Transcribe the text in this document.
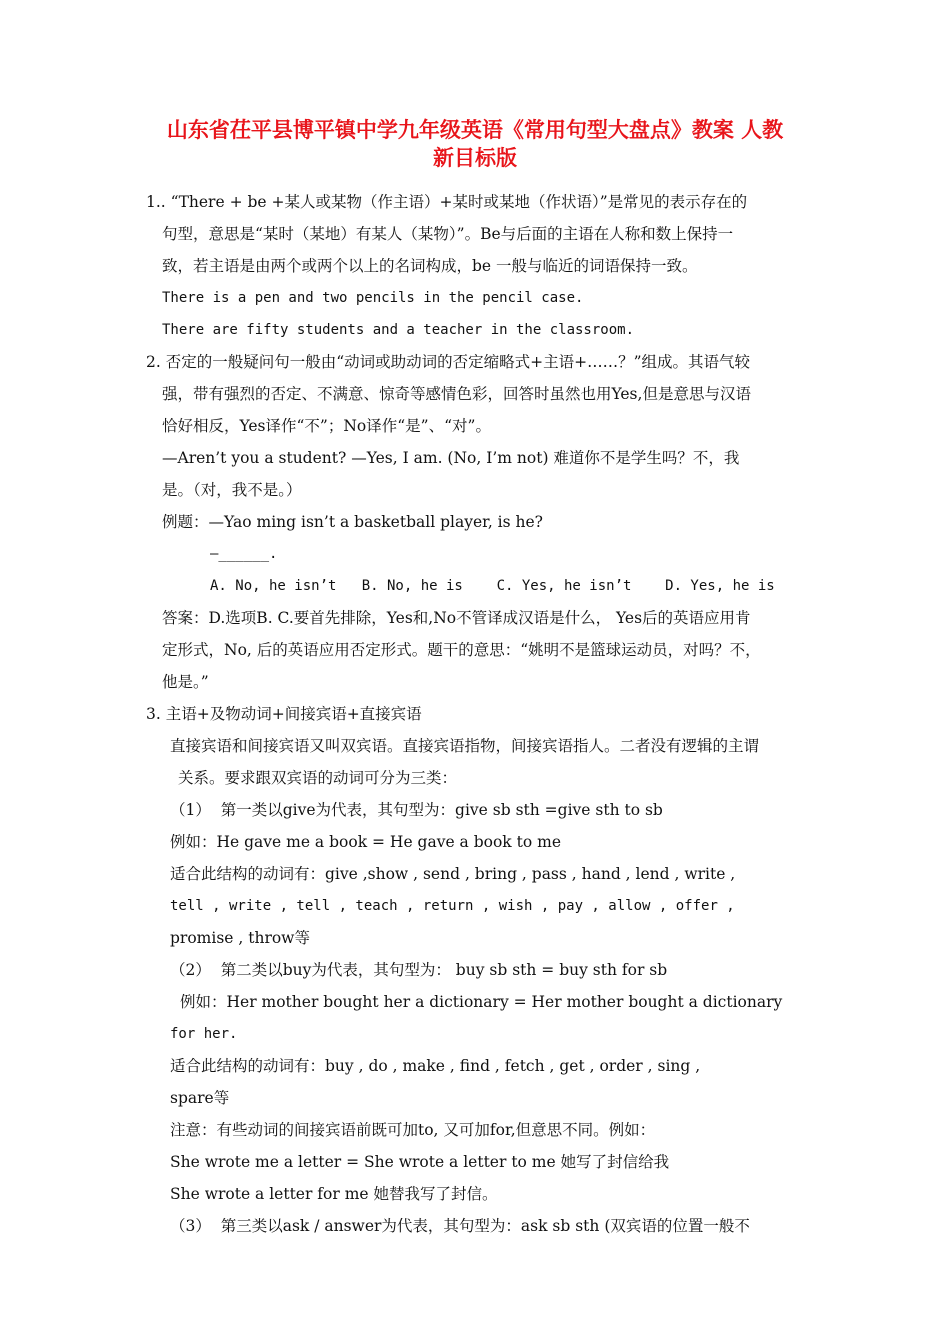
山东省茌平县博平镇中学九年级英语《常用句型大盘点》教案 人教
新目标版
1.. “There + be +某人或某物（作主语）+某时或某地（作状语）”是常见的表示存在的
句型，意思是“某时（某地）有某人（某物）”。Be与后面的主语在人称和数上保持一
致，若主语是由两个或两个以上的名词构成，be 一般与临近的词语保持一致。
There is a pen and two pencils in the pencil case.
There are fifty students and a teacher in the classroom.
2. 否定的一般疑问句一般由“动词或助动词的否定缩略式+主语+……？”组成。其语气较
强，带有强烈的否定、不满意、惊奇等感情色彩，回答时虽然也用Yes,但是意思与汉语
恰好相反，Yes译作“不”；No译作“是”、“对”。
—Aren’t you a student? —Yes, I am. (No, I’m not) 难道你不是学生吗？不，我
是。（对，我不是。）
例题：—Yao ming isn’t a basketball player, is he?
—______.
A. No, he isn’t   B. No, he is    C. Yes, he isn’t    D. Yes, he is
答案：D.选项B. C.要首先排除，Yes和,No不管译成汉语是什么， Yes后的英语应用肯
定形式，No, 后的英语应用否定形式。题干的意思：“姚明不是篮球运动员，对吗？不，
他是。”
3. 主语+及物动词+间接宾语+直接宾语
直接宾语和间接宾语又叫双宾语。直接宾语指物，间接宾语指人。二者没有逻辑的主谓
关系。要求跟双宾语的动词可分为三类：
（1）  第一类以give为代表，其句型为：give sb sth =give sth to sb
例如：He gave me a book = He gave a book to me
适合此结构的动词有：give ,show , send , bring , pass , hand , lend , write ,
tell , write , tell , teach , return , wish , pay , allow , offer ,
promise , throw等
（2）  第二类以buy为代表，其句型为： buy sb sth = buy sth for sb
例如：Her mother bought her a dictionary = Her mother bought a dictionary
for her.
适合此结构的动词有：buy , do , make , find , fetch , get , order , sing ,
spare等
注意：有些动词的间接宾语前既可加to, 又可加for,但意思不同。例如：
She wrote me a letter = She wrote a letter to me 她写了封信给我
She wrote a letter for me 她替我写了封信。
（3）  第三类以ask / answer为代表，其句型为：ask sb sth (双宾语的位置一般不
